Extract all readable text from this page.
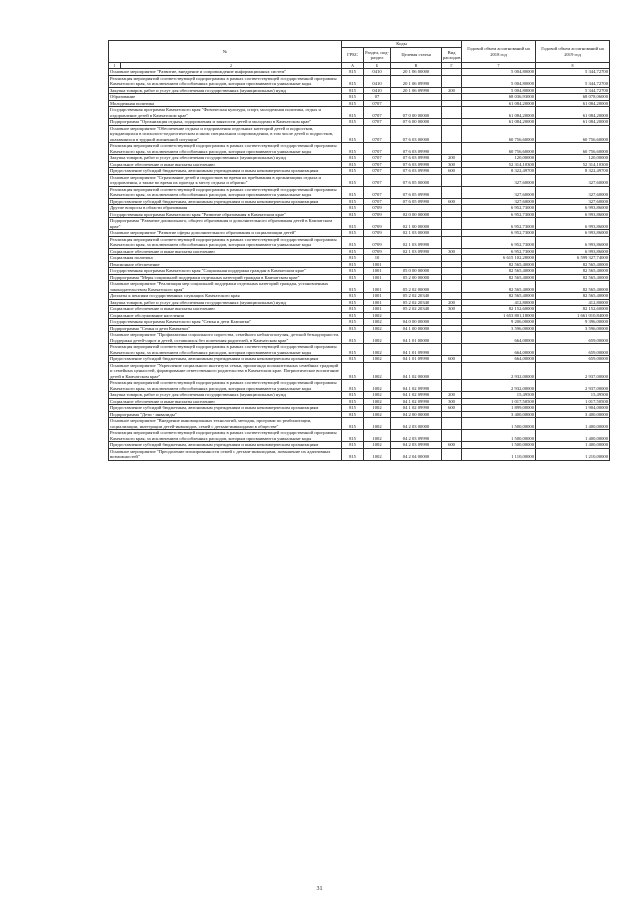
№		Коды				Годовой объем ассигнований на 2018 год	Годовой объем ассигнований на 2019 год
		ГРБС	Раздел, под-раздел	Целевая статья	Вид расходов		
1	2	А	Б	В	Г	7	8
Основное мероприятие "Развитие, внедрение и сопровождение информационных систем"		815	0410	20 1 06 00000		5 004,80000	5 344,72700
Реализация мероприятий соответствующей подпрограммы в рамках соответствующей государственной программы Камчатского края, за исключением обособленных расходов, которым присваиваются уникальные коды		815	0410	20 1 06 09990		5 004,80000	5 344,72700
Закупка товаров, работ и услуг для обеспечения государственных (муниципальных) нужд		815	0410	20 1 06 09990	200	5 004,80000	5 344,72700
Образование		815	07			68 036,93000	68 078,06000
Молодежная политика		815	0707			61 084,20000	61 084,20000
Государственная программа Камчатского края "Физическая культура, спорт, молодежная политика, отдых и оздоровление детей в Камчатском крае"		815	0707	07 0 00 00000		61 084,20000	61 084,20000
Подпрограмма "Организация отдыха, оздоровления и занятости детей и молодежи в Камчатском крае"		815	0707	07 6 00 00000		61 084,20000	61 084,20000
Основное мероприятие "Обеспечение отдыха и оздоровления отдельных категорий детей и подростков, нуждающихся в психолого-педагогическом и ином специальном сопровождении, в том числе детей и подростков, оказавшихся в трудной жизненной ситуации"		815	0707	07 6 03 00000		60 756,60000	60 756,60000
Реализация мероприятий соответствующей подпрограммы в рамках соответствующей государственной программы Камчатского края, за исключением обособленных расходов, которым присваиваются уникальные коды		815	0707	07 6 03 09990		60 756,60000	60 756,60000
Закупка товаров, работ и услуг для обеспечения государственных (муниципальных) нужд		815	0707	07 6 03 09990	200	120,00000	120,00000
Социальное обеспечение и иные выплаты населению		815	0707	07 6 03 09990	300	52 314,10300	52 314,10300
Предоставление субсидий бюджетным, автономным учреждениям и иным некоммерческим организациям		815	0707	07 6 03 09990	600	8 322,49700	8 322,49700
Основное мероприятие "Страхование детей и подростков во время их пребывания в организациях отдыха и оздоровления, а также во время их проезда к месту отдыха и обратно"		815	0707	07 6 05 00000		327,60000	327,60000
Реализация мероприятий соответствующей подпрограммы в рамках соответствующей государственной программы Камчатского края, за исключением обособленных расходов, которым присваиваются уникальные коды		815	0707	07 6 05 09990		327,60000	327,60000
Предоставление субсидий бюджетным, автономным учреждениям и иным некоммерческим организациям		815	0707	07 6 05 09990	600	327,60000	327,60000
Другие вопросы в области образования		815	0709			6 952,73000	6 993,86000
Государственная программа Камчатского края "Развитие образования в Камчатском крае"		815	0709	02 0 00 00000		6 952,73000	6 993,86000
Подпрограмма "Развитие дошкольного, общего образования и дополнительного образования детей в Камчатском крае"		815	0709	02 1 00 00000		6 952,73000	6 993,86000
Основное мероприятие "Развитие сферы дополнительного образования и социализации детей"		815	0709	02 1 03 00000		6 952,73000	6 993,86000
Реализация мероприятий соответствующей подпрограммы в рамках соответствующей государственной программы Камчатского края, за исключением обособленных расходов, которым присваиваются уникальные коды		815	0709	02 1 03 09990		6 952,73000	6 993,86000
Социальное обеспечение и иные выплаты населению		815	0709	02 1 03 09990	300	6 952,73000	6 993,86000
Социальная политика		815	10			6 615 102,28000	6 599 327,74000
Пенсионное обеспечение		815	1001			82 565,40000	82 565,40000
Государственная программа Камчатского края "Социальная поддержка граждан в Камчатском крае"		815	1001	05 0 00 00000		82 565,40000	82 565,40000
Подпрограмма "Меры социальной поддержки отдельных категорий граждан в Камчатском крае"		815	1001	05 2 00 00000		82 565,40000	82 565,40000
Основное мероприятие "Реализация мер социальной поддержки отдельных категорий граждан, установленных законодательством Камчатского края"		815	1001	05 2 02 00000		82 565,40000	82 565,40000
Доплаты к пенсиям государственных служащих Камчатского края		815	1001	05 2 02 20340		82 565,40000	82 565,40000
Закупка товаров, работ и услуг для обеспечения государственных (муниципальных) нужд		815	1001	05 2 02 20340	200	412,80000	412,80000
Социальное обеспечение и иные выплаты населению		815	1001	05 2 02 20340	300	82 152,60000	82 152,60000
Социальное обслуживание населения		815	1002			1 653 801,18000	1 661 010,84000
Государственная программа Камчатского края "Семья и дети Камчатки"		815	1002	04 0 00 00000		9 206,00000	9 396,00000
Подпрограмма "Семья и дети Камчатки"		815	1002	04 1 00 00000		3 596,00000	3 596,00000
Основное мероприятие "Профилактика социального сиротства, семейного неблагополучия, детской безнадзорности. Поддержка детей-сирот и детей, оставшихся без попечения родителей, в Камчатском крае"		815	1002	04 1 01 00000		664,00000	659,00000
Реализация мероприятий соответствующей подпрограммы в рамках соответствующей государственной программы Камчатского края, за исключением обособленных расходов, которым присваиваются уникальные коды		815	1002	04 1 01 09990		664,00000	659,00000
Предоставление субсидий бюджетным, автономным учреждениям и иным некоммерческим организациям		815	1002	04 1 01 09990	600	664,00000	659,00000
Основное мероприятие "Укрепление социального института семьи, пропаганда положительных семейных традиций и семейных ценностей, формирование ответственного родительства в Камчатском крае. Патриотическое воспитание детей в Камчатском крае"		815	1002	04 1 02 00000		2 932,00000	2 937,00000
Реализация мероприятий соответствующей подпрограммы в рамках соответствующей государственной программы Камчатского края, за исключением обособленных расходов, которым присваиваются уникальные коды		815	1002	04 1 02 09990		2 932,00000	2 937,00000
Закупка товаров, работ и услуг для обеспечения государственных (муниципальных) нужд		815	1002	04 1 02 09990	200	15,49500	15,49500
Социальное обеспечение и иные выплаты населению		815	1002	04 1 02 09990	300	1 017,50500	1 017,50500
Предоставление субсидий бюджетным, автономным учреждениям и иным некоммерческим организациям		815	1002	04 1 02 09990	600	1 899,00000	1 904,00000
Подпрограмма "Дети - инвалиды"		815	1002	04 2 00 00000		3 400,00000	3 400,00000
Основное мероприятие "Внедрение инновационных технологий, методик, программ по реабилитации, социализации, интеграции детей-инвалидов, семей с детьми-инвалидами в обществе"		815	1002	04 2 03 00000		1 500,00000	1 400,00000
Реализация мероприятий соответствующей подпрограммы в рамках соответствующей государственной программы Камчатского края, за исключением обособленных расходов, которым присваиваются уникальные коды		815	1002	04 2 03 09990		1 500,00000	1 400,00000
Предоставление субсидий бюджетным, автономным учреждениям и иным некоммерческим организациям		815	1002	04 2 03 09990	600	1 500,00000	1 400,00000
Основное мероприятие "Преодоление изолированности семей с детьми-инвалидами, повышение их адаптивных возможностей"		815	1002	04 2 04 00000		1 110,00000	1 210,00000
31
